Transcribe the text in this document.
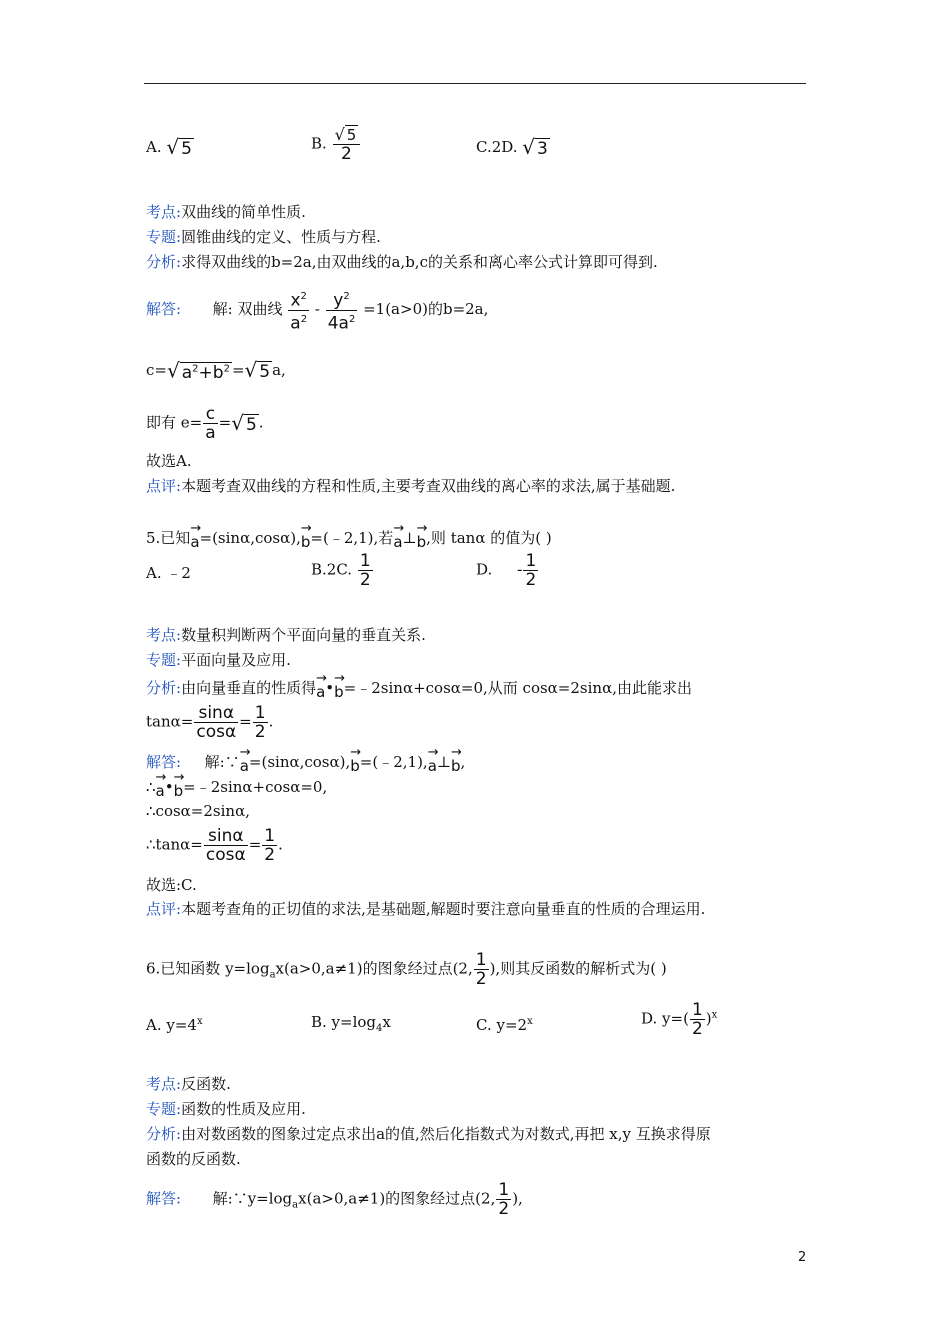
A. √ 5	B. $\frac{√ 5}{2}$	C.2D. √ 3
考点:双曲线的简单性质.
专题:圆锥曲线的定义、性质与方程.
分析:求得双曲线的b=2a,由双曲线的a,b,c的关系和离心率公式计算即可得到.
解答: 解: 双曲线 $\frac{x^2}{a^2} - \frac{y^2}{4a^2} =1(a>0)$的b=2a,
c=√ $a^2+b^2$ =√ 5 a,
即有 $e= \frac{c}{a}$ =√ 5 .
故选A.
点评:本题考查双曲线的方程和性质,主要考查双曲线的离心率的求法,属于基础题.
5.已知→ a=(sinα,cosα),→ b=(﹣2,1),若→ a⊥→ b,则 tanα 的值为( )
A. ﹣2	B.2C. $\frac{1}{2}$	D. - $\frac{1}{2}$
考点:数量积判断两个平面向量的垂直关系.
专题:平面向量及应用.
分析:由向量垂直的性质得→ a•→ b=﹣2sinα+cosα=0,从而 cosα=2sinα,由此能求出
$\tan\alpha= \frac{\sin\alpha}{\cos\alpha} = \frac{1}{2}$ .
解答: 解:∵→ a=(sinα,cosα),→ b=(﹣2,1),→ a⊥→ b,
∴→ a•→ b=﹣2sinα+cosα=0,
∴cosα=2sinα,
∴tanα= $\frac{\sin\alpha}{\cos\alpha} = \frac{1}{2}$ .
故选:C.
点评:本题考查角的正切值的求法,是基础题,解题时要注意向量垂直的性质的合理运用.
6.已知函数 $y=\log_ax(a>0,a\ne 1)$的图象经过点(2, $\frac{1}{2}$ ),则其反函数的解析式为( )
A. $y=4^x$	B. $y=\log_4x$	C. $y=2^x$	D. $y=( \frac{1}{2} )^x$
考点:反函数.
专题:函数的性质及应用.
分析:由对数函数的图象过定点求出a的值,然后化指数式为对数式,再把 x,y 互换求得原
函数的反函数.
解答: 解$:\because y=\log_ax(a>0,a\ne 1)$的图象经过点(2, $\frac{1}{2}$ ),
2
